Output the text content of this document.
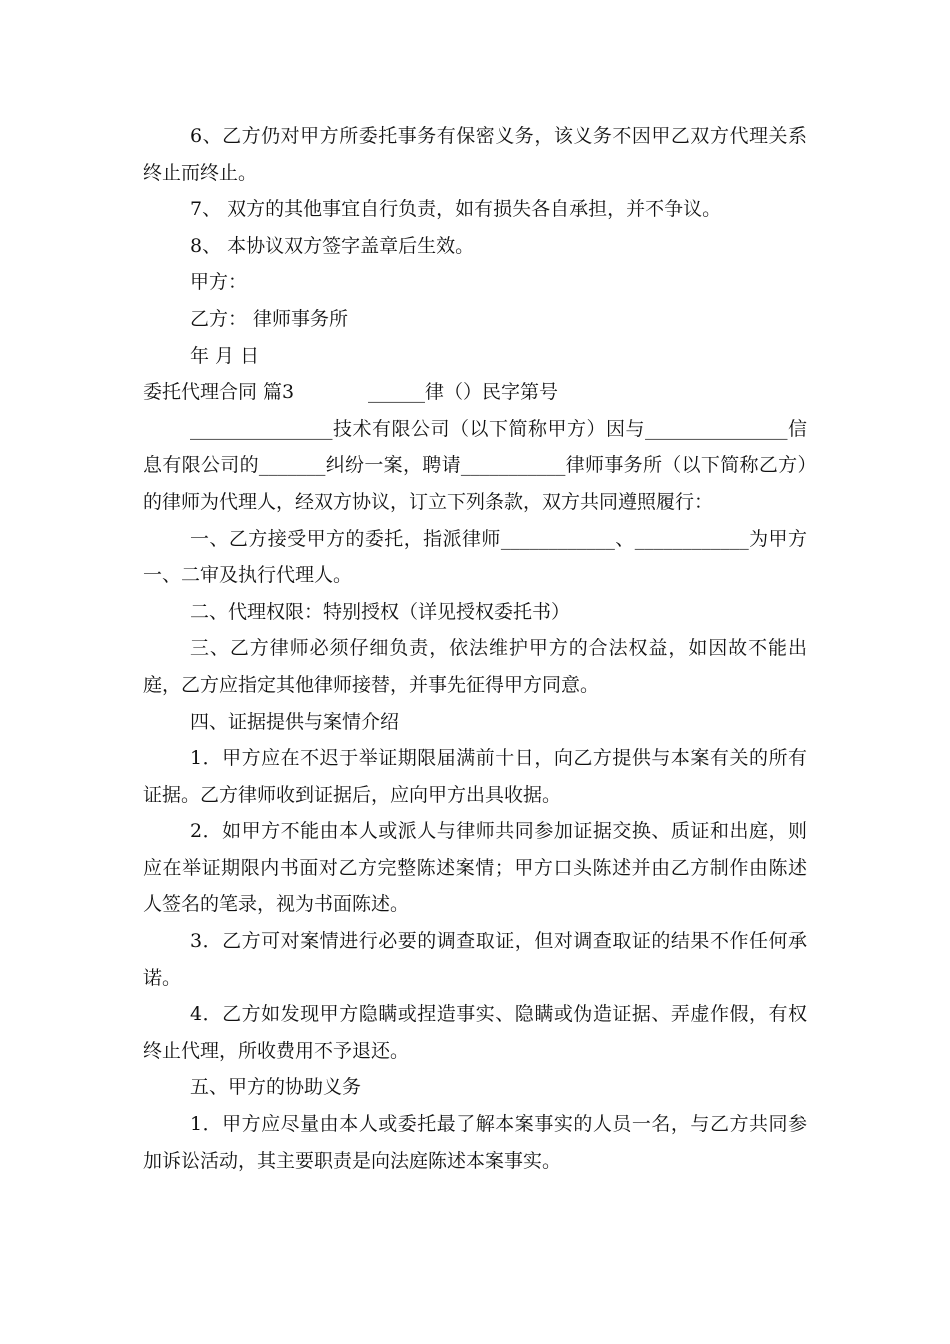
6、乙方仍对甲方所委托事务有保密义务，该义务不因甲乙双方代理关系终止而终止。

7、 双方的其他事宜自行负责，如有损失各自承担，并不争议。

8、 本协议双方签字盖章后生效。

甲方：

乙方： 律师事务所

年 月 日

委托代理合同 篇3	______律（）民字第号

_______________技术有限公司（以下简称甲方）因与_______________信息有限公司的_______纠纷一案，聘请___________律师事务所（以下简称乙方）的律师为代理人，经双方协议，订立下列条款，双方共同遵照履行：

一、乙方接受甲方的委托，指派律师____________、____________为甲方一、二审及执行代理人。

二、代理权限：特别授权（详见授权委托书）

三、乙方律师必须仔细负责，依法维护甲方的合法权益，如因故不能出庭，乙方应指定其他律师接替，并事先征得甲方同意。

四、证据提供与案情介绍

1．甲方应在不迟于举证期限届满前十日，向乙方提供与本案有关的所有证据。乙方律师收到证据后，应向甲方出具收据。

2．如甲方不能由本人或派人与律师共同参加证据交换、质证和出庭，则应在举证期限内书面对乙方完整陈述案情；甲方口头陈述并由乙方制作由陈述人签名的笔录，视为书面陈述。

3．乙方可对案情进行必要的调查取证，但对调查取证的结果不作任何承诺。

4．乙方如发现甲方隐瞒或捏造事实、隐瞒或伪造证据、弄虚作假，有权终止代理，所收费用不予退还。

五、甲方的协助义务

1．甲方应尽量由本人或委托最了解本案事实的人员一名，与乙方共同参加诉讼活动，其主要职责是向法庭陈述本案事实。
